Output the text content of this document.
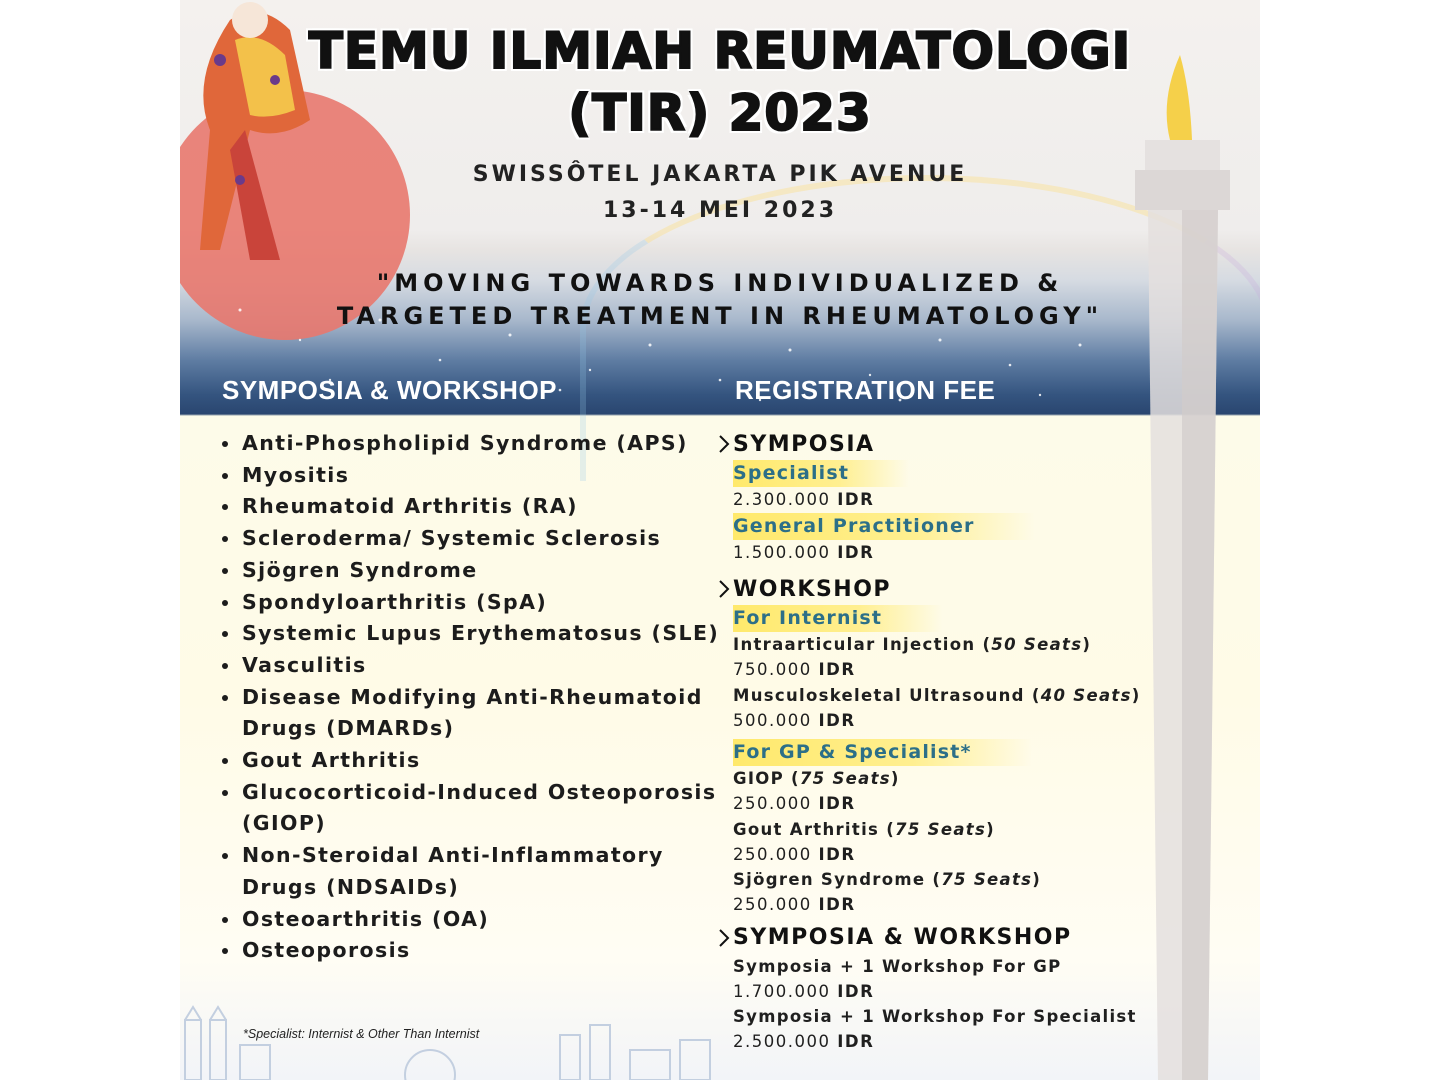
TEMU ILMIAH REUMATOLOGI
(TIR) 2023
SWISSÔTEL JAKARTA PIK AVENUE
13-14 MEI 2023
"MOVING TOWARDS INDIVIDUALIZED &
TARGETED TREATMENT IN RHEUMATOLOGY"
SYMPOSIA & WORKSHOP	REGISTRATION FEE
Anti-Phospholipid Syndrome (APS)
Myositis
Rheumatoid Arthritis (RA)
Scleroderma/ Systemic Sclerosis
Sjögren Syndrome
Spondyloarthritis (SpA)
Systemic Lupus Erythematosus (SLE)
Vasculitis
Disease Modifying Anti-Rheumatoid Drugs (DMARDs)
Gout Arthritis
Glucocorticoid-Induced Osteoporosis (GIOP)
Non-Steroidal Anti-Inflammatory Drugs (NDSAIDs)
Osteoarthritis (OA)
Osteoporosis
*Specialist: Internist & Other Than Internist
SYMPOSIA
Specialist
2.300.000 IDR
General Practitioner
1.500.000 IDR
WORKSHOP
For Internist
Intraarticular Injection (50 Seats)
750.000 IDR
Musculoskeletal Ultrasound (40 Seats)
500.000 IDR
For GP & Specialist*
GIOP (75 Seats)
250.000 IDR
Gout Arthritis (75 Seats)
250.000 IDR
Sjögren Syndrome (75 Seats)
250.000 IDR
SYMPOSIA & WORKSHOP
Symposia + 1 Workshop For GP
1.700.000 IDR
Symposia + 1 Workshop For Specialist
2.500.000 IDR
